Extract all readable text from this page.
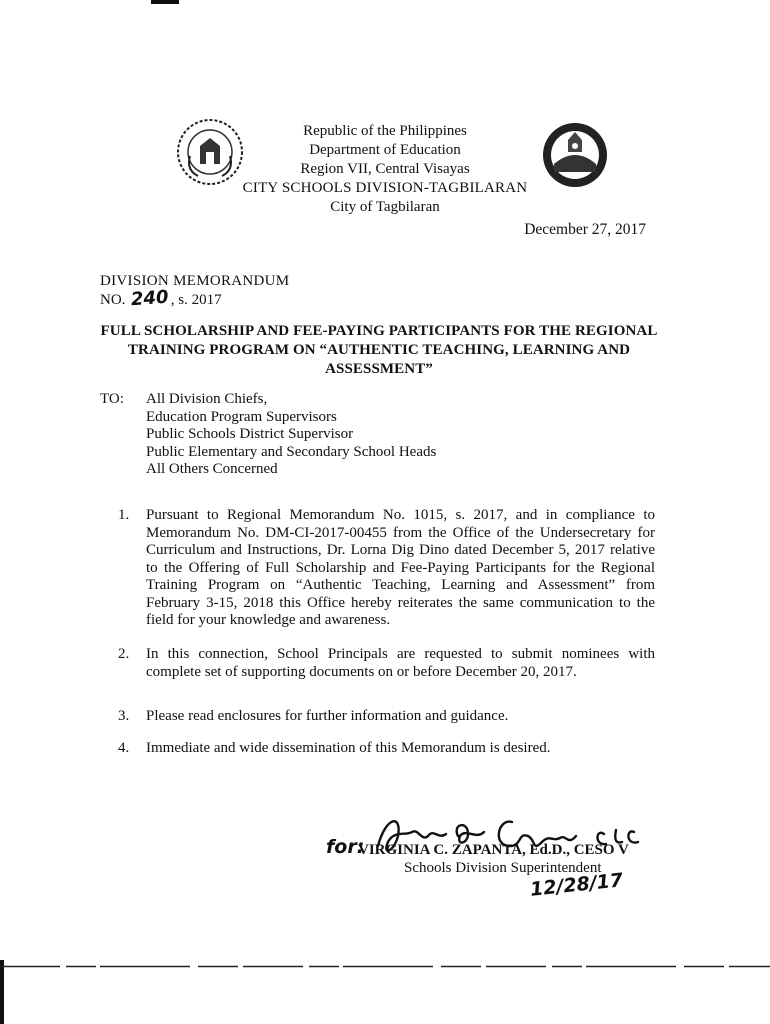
Republic of the Philippines
Department of Education
Region VII, Central Visayas
CITY SCHOOLS DIVISION-TAGBILARAN
City of Tagbilaran
December 27, 2017
DIVISION MEMORANDUM
NO. 240, s. 2017
FULL SCHOLARSHIP AND FEE-PAYING PARTICIPANTS FOR THE REGIONAL TRAINING PROGRAM ON “AUTHENTIC TEACHING, LEARNING AND ASSESSMENT”
TO: All Division Chiefs,
Education Program Supervisors
Public Schools District Supervisor
Public Elementary and Secondary School Heads
All Others Concerned
1. Pursuant to Regional Memorandum No. 1015, s. 2017, and in compliance to Memorandum No. DM-CI-2017-00455 from the Office of the Undersecretary for Curriculum and Instructions, Dr. Lorna Dig Dino dated December 5, 2017 relative to the Offering of Full Scholarship and Fee-Paying Participants for the Regional Training Program on “Authentic Teaching, Learning and Assessment” from February 3-15, 2018 this Office hereby reiterates the same communication to the field for your knowledge and awareness.
2. In this connection, School Principals are requested to submit nominees with complete set of supporting documents on or before December 20, 2017.
3. Please read enclosures for further information and guidance.
4. Immediate and wide dissemination of this Memorandum is desired.
for:
VIRGINIA C. ZAPANTA, Ed.D., CESO V
Schools Division Superintendent
12/28/17
